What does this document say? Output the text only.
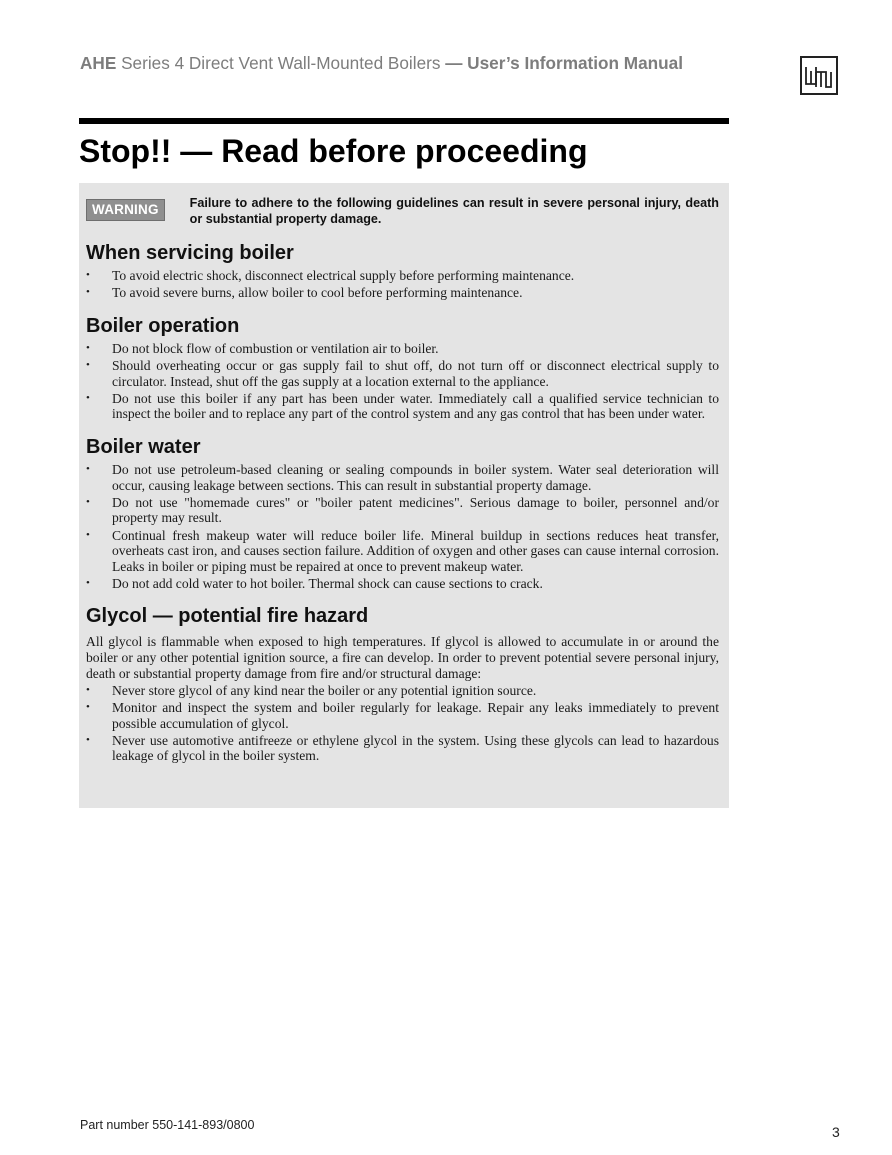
AHE Series 4 Direct Vent Wall-Mounted Boilers — User’s Information Manual
Stop!! — Read before proceeding
WARNING	Failure to adhere to the following guidelines can result in severe personal injury, death or substantial property damage.
When servicing boiler
• To avoid electric shock, disconnect electrical supply before performing maintenance.
• To avoid severe burns, allow boiler to cool before performing maintenance.
Boiler operation
• Do not block flow of combustion or ventilation air to boiler.
• Should overheating occur or gas supply fail to shut off, do not turn off or disconnect electrical supply to circulator. Instead, shut off the gas supply at a location external to the appliance.
• Do not use this boiler if any part has been under water. Immediately call a qualified service technician to inspect the boiler and to replace any part of the control system and any gas control that has been under water.
Boiler water
• Do not use petroleum-based cleaning or sealing compounds in boiler system. Water seal deterioration will occur, causing leakage between sections. This can result in substantial property damage.
• Do not use "homemade cures" or "boiler patent medicines". Serious damage to boiler, personnel and/or property may result.
• Continual fresh makeup water will reduce boiler life. Mineral buildup in sections reduces heat transfer, overheats cast iron, and causes section failure. Addition of oxygen and other gases can cause internal corrosion. Leaks in boiler or piping must be repaired at once to prevent makeup water.
• Do not add cold water to hot boiler. Thermal shock can cause sections to crack.
Glycol — potential fire hazard

All glycol is flammable when exposed to high temperatures. If glycol is allowed to accumulate in or around the boiler or any other potential ignition source, a fire can develop. In order to prevent potential severe personal injury, death or substantial property damage from fire and/or structural damage:

• Never store glycol of any kind near the boiler or any potential ignition source.
• Monitor and inspect the system and boiler regularly for leakage. Repair any leaks immediately to prevent possible accumulation of glycol.
• Never use automotive antifreeze or ethylene glycol in the system. Using these glycols can lead to hazardous leakage of glycol in the boiler system.
Part number 550-141-893/0800	3
